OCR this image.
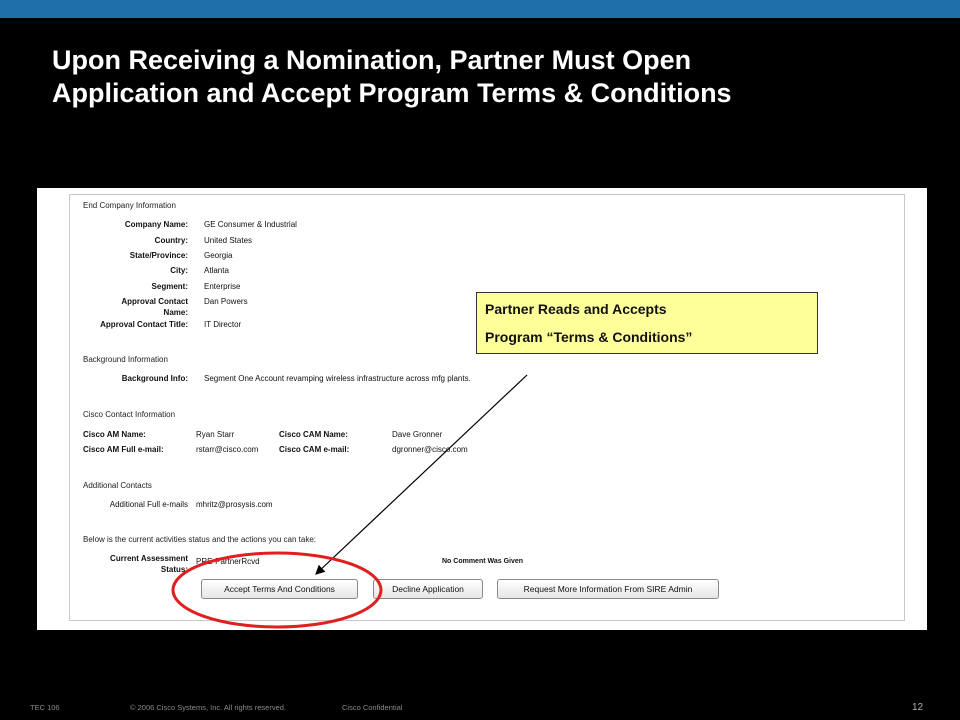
Upon Receiving a Nomination, Partner Must Open
Application and Accept Program Terms & Conditions
End Company Information
Company Name: GE Consumer & Industrial
Country: United States
State/Province: Georgia
City: Atlanta
Segment: Enterprise
Approval Contact
Name:
Dan Powers
Approval Contact Title: IT Director
Background Information
Background Info: Segment One Account revamping wireless infrastructure across mfg plants.
Cisco Contact Information
Cisco AM Name:	Ryan Starr	Cisco CAM Name:	Dave Gronner
Cisco AM Full e-mail:	rstarr@cisco.com	Cisco CAM e-mail:	dgronner@cisco.com
Additional Contacts
Additional Full e-mails mhritz@prosysis.com
Below is the current activities status and the actions you can take:
Current Assessment
Status:
PRE-PartnerRcvd	No Comment Was Given
Accept Terms And Conditions	Decline Application	Request More Information From SIRE Admin
Partner Reads and Accepts
Program “Terms & Conditions”
TEC 106	© 2006 Cisco Systems, Inc. All rights reserved.	Cisco Confidential	12
